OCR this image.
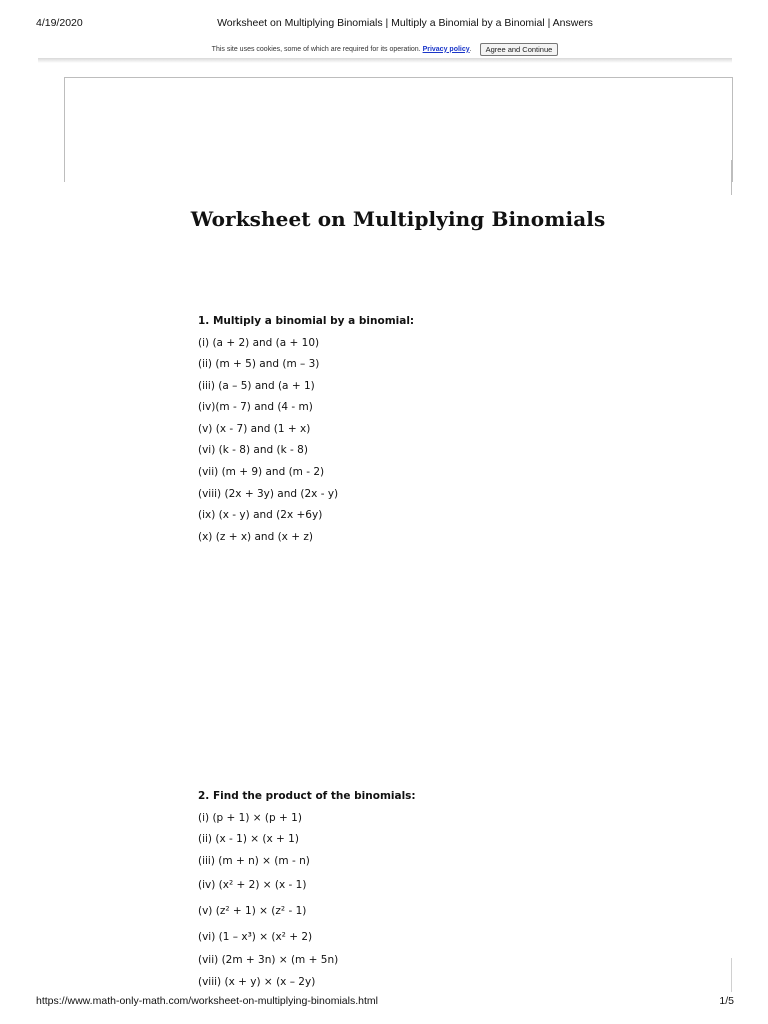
4/19/2020	Worksheet on Multiplying Binomials | Multiply a Binomial by a Binomial | Answers
This site uses cookies, some of which are required for its operation. Privacy policy.	Agree and Continue
Worksheet on Multiplying Binomials
1. Multiply a binomial by a binomial:
(i) (a + 2) and (a + 10)
(ii) (m + 5) and (m – 3)
(iii) (a – 5) and (a + 1)
(iv)(m - 7) and (4 - m)
(v) (x - 7) and (1 + x)
(vi) (k - 8) and (k - 8)
(vii) (m + 9) and (m - 2)
(viii) (2x + 3y) and (2x - y)
(ix) (x - y) and (2x +6y)
(x) (z + x) and (x + z)
2. Find the product of the binomials:
(i) (p + 1) × (p + 1)
(ii) (x - 1) × (x + 1)
(iii) (m + n) × (m - n)
(iv) (x² + 2) × (x - 1)
(v) (z² + 1) × (z² - 1)
(vi) (1 – x³) × (x² + 2)
(vii) (2m + 3n) × (m + 5n)
(viii) (x + y) × (x – 2y)
https://www.math-only-math.com/worksheet-on-multiplying-binomials.html	1/5
